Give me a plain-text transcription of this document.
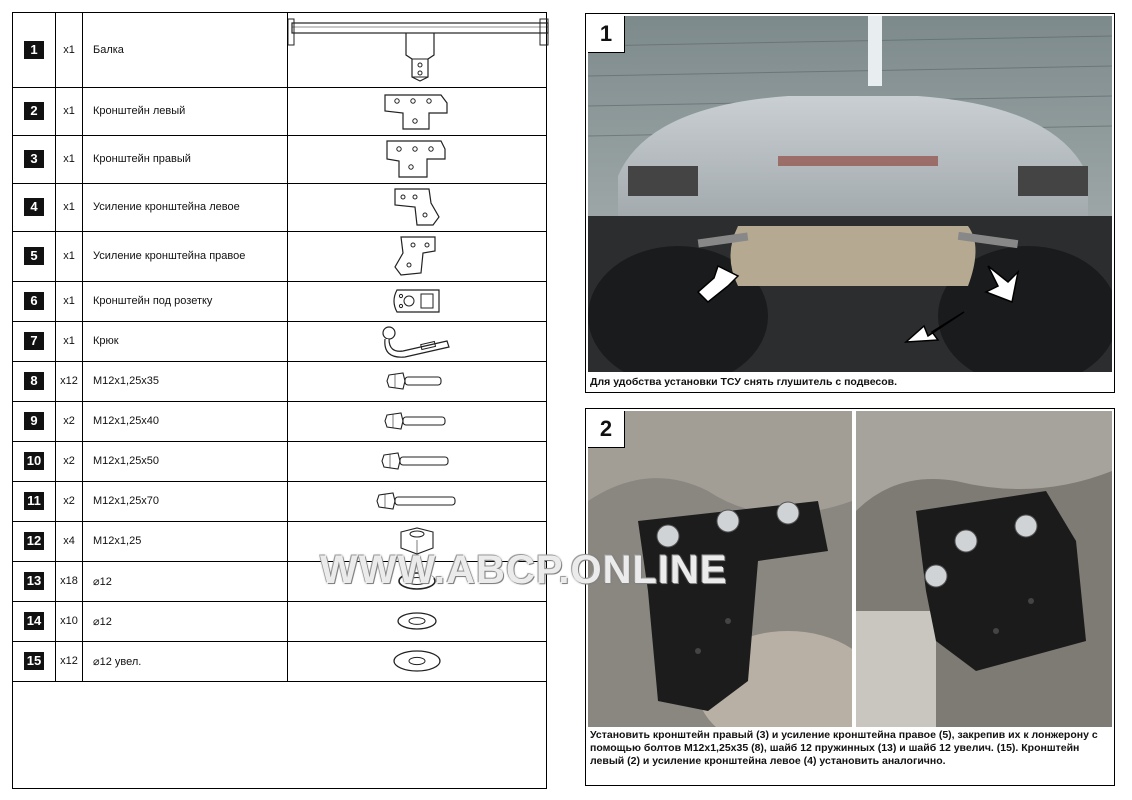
1	x1	Балка	

2	x1	Кронштейн левый	

3	x1	Кронштейн правый	

4	x1	Усиление кронштейна левое	

5	x1	Усиление кронштейна правое	

6	x1	Кронштейн под розетку	

7	x1	Крюк	

8	x12	M12x1,25x35	

9	x2	M12x1,25x40	

10	x2	M12x1,25x50	

11	x2	M12x1,25x70	

12	x4	M12x1,25	

13	x18	⌀12	

14	x10	⌀12	

15	x12	⌀12 увел.	
1
Для удобства установки ТСУ снять глушитель с подвесов.
2
Установить кронштейн правый (3) и усиление кронштейна правое (5), закрепив их к лонжерону с помощью болтов M12x1,25x35 (8), шайб 12 пружинных (13) и шайб 12 увелич. (15). Кронштейн левый (2) и усиление кронштейна левое (4) установить аналогично.
WWW.ABCP.ONLINE
